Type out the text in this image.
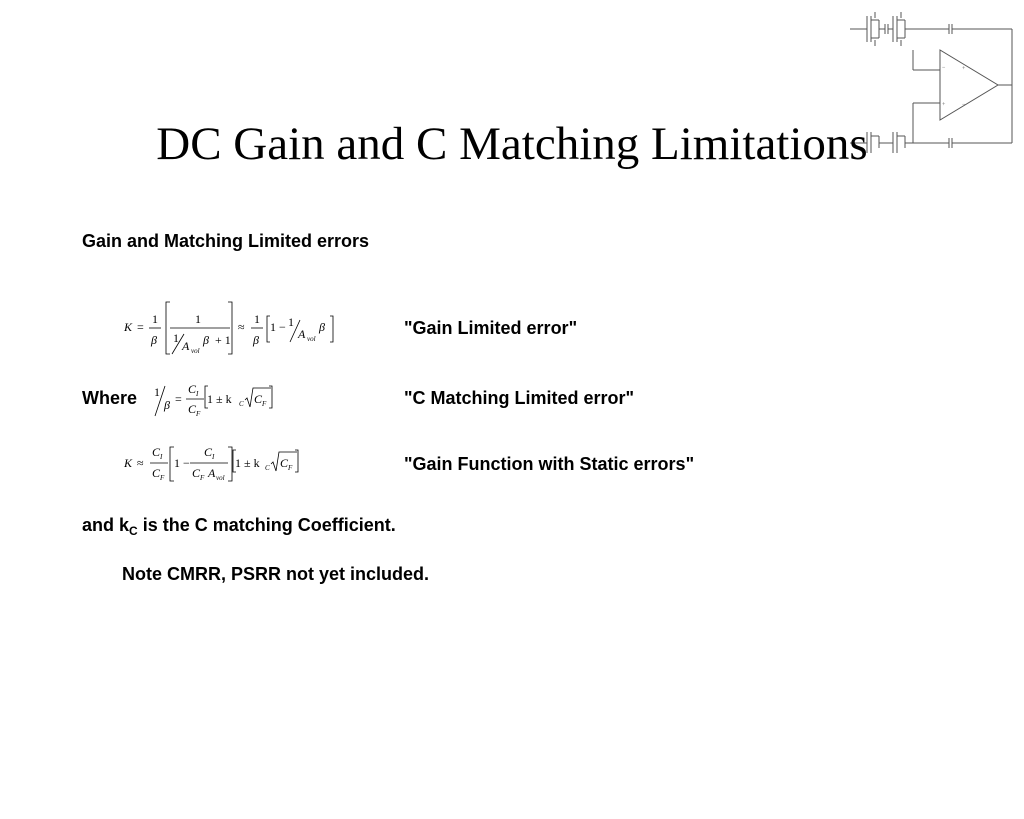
−
+
+
−
DC Gain and C Matching Limitations
Gain and Matching Limited errors
K =
1
β
1
1
A vol
β + 1
≈
1
β
1 − 1
A vol
β	"Gain Limited error"
Where 1
β =
C I
C F
1 ± k C C F	"C Matching Limited error"
K ≈
C I
C F
1 −
C I
C F A vol
1 ± k C C F	"Gain Function with Static errors"
and $k_C$ is the C matching Coefficient.
Note CMRR, PSRR not yet included.
